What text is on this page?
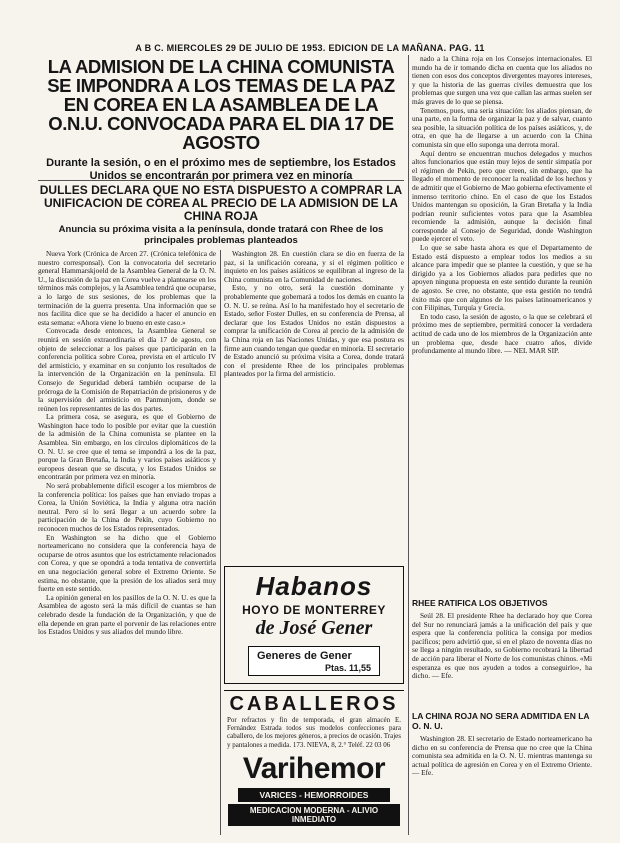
A B C. MIERCOLES 29 DE JULIO DE 1953. EDICION DE LA MAÑANA. PAG. 11
LA ADMISION DE LA CHINA COMUNISTA SE IMPONDRA A LOS TEMAS DE LA PAZ EN COREA EN LA ASAMBLEA DE LA O.N.U. CONVOCADA PARA EL DIA 17 DE AGOSTO
Durante la sesión, o en el próximo mes de septiembre, los Estados Unidos se encontrarán por primera vez en minoría
DULLES DECLARA QUE NO ESTA DISPUESTO A COMPRAR LA UNIFICACION DE COREA AL PRECIO DE LA ADMISION DE LA CHINA ROJA
Anuncia su próxima visita a la península, donde tratará con Rhee de los principales problemas planteados

Nueva York (Crónica de Arcen 27. (Crónica telefónica de nuestro corresponsal). Con la convocatoria del secretario general Hammarskjoeld de la Asamblea General de la O. N. U., la discusión de la paz en Corea vuelve a plantearse en los términos más complejos, y la Asamblea tendrá que ocuparse, a lo largo de sus sesiones, de los problemas que la terminación de la guerra presenta. Una información que se nos facilita dice que se ha decidido a hacer el anuncio en esta semana: «Ahora viene lo bueno en este caso.»

Convocada desde entonces, la Asamblea General se reunirá en sesión extraordinaria el día 17 de agosto, con objeto de seleccionar a los países que participarán en la conferencia política sobre Corea, prevista en el artículo IV del armisticio, y examinar en su conjunto los resultados de la intervención de la Organización en la península. El Consejo de Seguridad deberá también ocuparse de la prórroga de la Comisión de Repatriación de prisioneros y de la supervisión del armisticio en Panmunjom, donde se reúnen los representantes de las dos partes.

La primera cosa, se asegura, es que el Gobierno de Washington hace todo lo posible por evitar que la cuestión de la admisión de la China comunista se plantee en la Asamblea. Sin embargo, en los círculos diplomáticos de la O. N. U. se cree que el tema se impondrá a los de la paz, porque la Gran Bretaña, la India y varios países asiáticos y europeos desean que se discuta, y los Estados Unidos se encontrarán por primera vez en minoría.

No será probablemente difícil escoger a los miembros de la conferencia política: los países que han enviado tropas a Corea, la Unión Soviética, la India y alguna otra nación neutral. Pero sí lo será llegar a un acuerdo sobre la participación de la China de Pekín, cuyo Gobierno no reconocen muchos de los Estados representados.

En Washington se ha dicho que el Gobierno norteamericano no considera que la conferencia haya de ocuparse de otros asuntos que los estrictamente relacionados con Corea, y que se opondrá a toda tentativa de convertirla en una negociación general sobre el Extremo Oriente. Se estima, no obstante, que la presión de los aliados será muy fuerte en este sentido.

La opinión general en los pasillos de la O. N. U. es que la Asamblea de agosto será la más difícil de cuantas se han celebrado desde la fundación de la Organización, y que de ella depende en gran parte el porvenir de las relaciones entre los Estados Unidos y sus aliados del mundo libre.

Washington 28. En cuestión clara se dio en fuerza de la paz, si la unificación coreana, y si el régimen político e inquieto en los países asiáticos se equilibran al ingreso de la China comunista en la Comunidad de naciones.

Esto, y no otro, será la cuestión dominante y probablemente que gobernará a todos los demás en cuanto la O. N. U. se reúna. Así lo ha manifestado hoy el secretario de Estado, señor Foster Dulles, en su conferencia de Prensa, al declarar que los Estados Unidos no están dispuestos a comprar la unificación de Corea al precio de la admisión de la China roja en las Naciones Unidas, y que esa postura es firme aun cuando tengan que quedar en minoría. El secretario de Estado anunció su próxima visita a Corea, donde tratará con el presidente Rhee de los principales problemas planteados por la firma del armisticio.

nado a la China roja en los Consejos internacionales. El mundo ha de ir tomando dicha en cuenta que los aliados no tienen con esos dos conceptos divergentes mayores intereses, y que la historia de las guerras civiles demuestra que los problemas que surgen una vez que callan las armas suelen ser más graves de lo que se piensa.

Tenemos, pues, una seria situación: los aliados piensan, de una parte, en la forma de organizar la paz y de salvar, cuanto sea posible, la situación política de los países asiáticos, y, de otra, en que ha de llegarse a un acuerdo con la China comunista sin que ello suponga una derrota moral.

Aquí dentro se encuentran muchos delegados y muchos altos funcionarios que están muy lejos de sentir simpatía por el régimen de Pekín, pero que creen, sin embargo, que ha llegado el momento de reconocer la realidad de los hechos y de admitir que el Gobierno de Mao gobierna efectivamente el inmenso territorio chino. En el caso de que los Estados Unidos mantengan su oposición, la Gran Bretaña y la India podrían reunir suficientes votos para que la Asamblea recomiende la admisión, aunque la decisión final corresponde al Consejo de Seguridad, donde Washington puede ejercer el veto.

Lo que se sabe hasta ahora es que el Departamento de Estado está dispuesto a emplear todos los medios a su alcance para impedir que se plantee la cuestión, y que se ha dirigido ya a los Gobiernos aliados para pedirles que no apoyen ninguna propuesta en este sentido durante la reunión de agosto. Se cree, no obstante, que esta gestión no tendrá éxito más que con algunos de los países latinoamericanos y con Filipinas, Turquía y Grecia.

En todo caso, la sesión de agosto, o la que se celebrará el próximo mes de septiembre, permitirá conocer la verdadera actitud de cada uno de los miembros de la Organización ante un problema que, desde hace cuatro años, divide profundamente al mundo libre. — NEL MAR SIP.

RHEE RATIFICA LOS OBJETIVOS

Seúl 28. El presidente Rhee ha declarado hoy que Corea del Sur no renunciará jamás a la unificación del país y que espera que la conferencia política la consiga por medios pacíficos; pero advirtió que, si en el plazo de noventa días no se llega a ningún resultado, su Gobierno recobrará la libertad de acción para liberar el Norte de los comunistas chinos. «Mi esperanza es que nos ayuden a todos a conseguirlo», ha dicho. — Efe.

LA CHINA ROJA NO SERA ADMITIDA EN LA O. N. U.

Washington 28. El secretario de Estado norteamericano ha dicho en su conferencia de Prensa que no cree que la China comunista sea admitida en la O. N. U. mientras mantenga su actual política de agresión en Corea y en el Extremo Oriente. — Efe.

Habanos
HOYO DE MONTERREY
de José Gener
Generes de Gener
Ptas. 11,55
CABALLEROS
Por refractos y fin de temporada, el gran almacén E. Fernández Estrada todos sus modelos confecciones para caballero, de los mejores géneros, a precios de ocasión. Trajes y pantalones a medida. 173. NIEVA, 8, 2.° Teléf. 22 03 06
Varihemor
VARICES - HEMORROIDES
MEDICACION MODERNA - ALIVIO INMEDIATO
